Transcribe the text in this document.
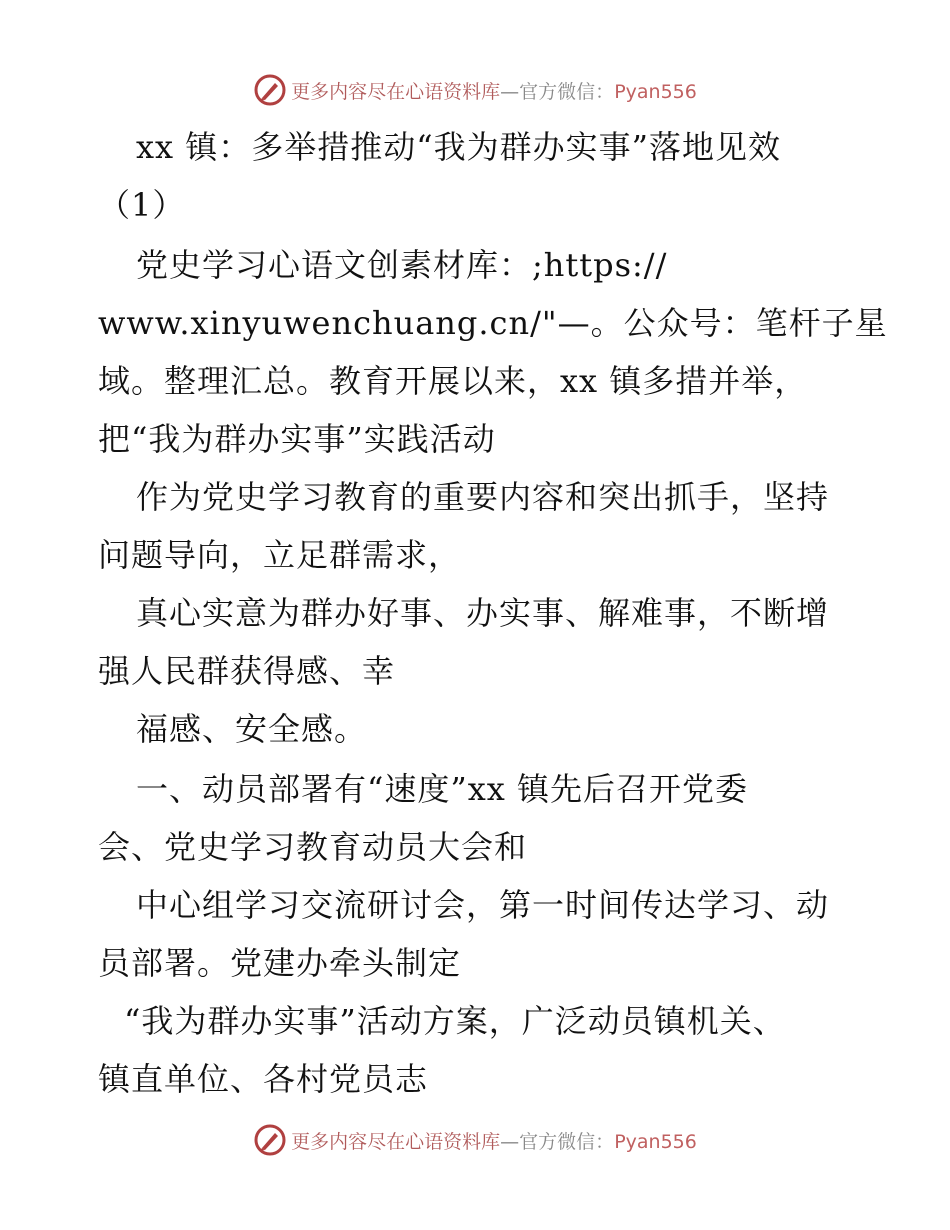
更多内容尽在心语资料库—官方微信：Pyan556
xx 镇：多举措推动“我为群办实事”落地见效
（1）
党史学习心语文创素材库：;https://
www.xinyuwenchuang.cn/"—。公众号：笔杆子星
域。整理汇总。教育开展以来，xx 镇多措并举，
把“我为群办实事”实践活动
作为党史学习教育的重要内容和突出抓手，坚持
问题导向，立足群需求，
真心实意为群办好事、办实事、解难事，不断增
强人民群获得感、幸
福感、安全感。
一、动员部署有“速度”xx 镇先后召开党委
会、党史学习教育动员大会和
中心组学习交流研讨会，第一时间传达学习、动
员部署。党建办牵头制定
“我为群办实事”活动方案，广泛动员镇机关、
镇直单位、各村党员志
更多内容尽在心语资料库—官方微信：Pyan556
